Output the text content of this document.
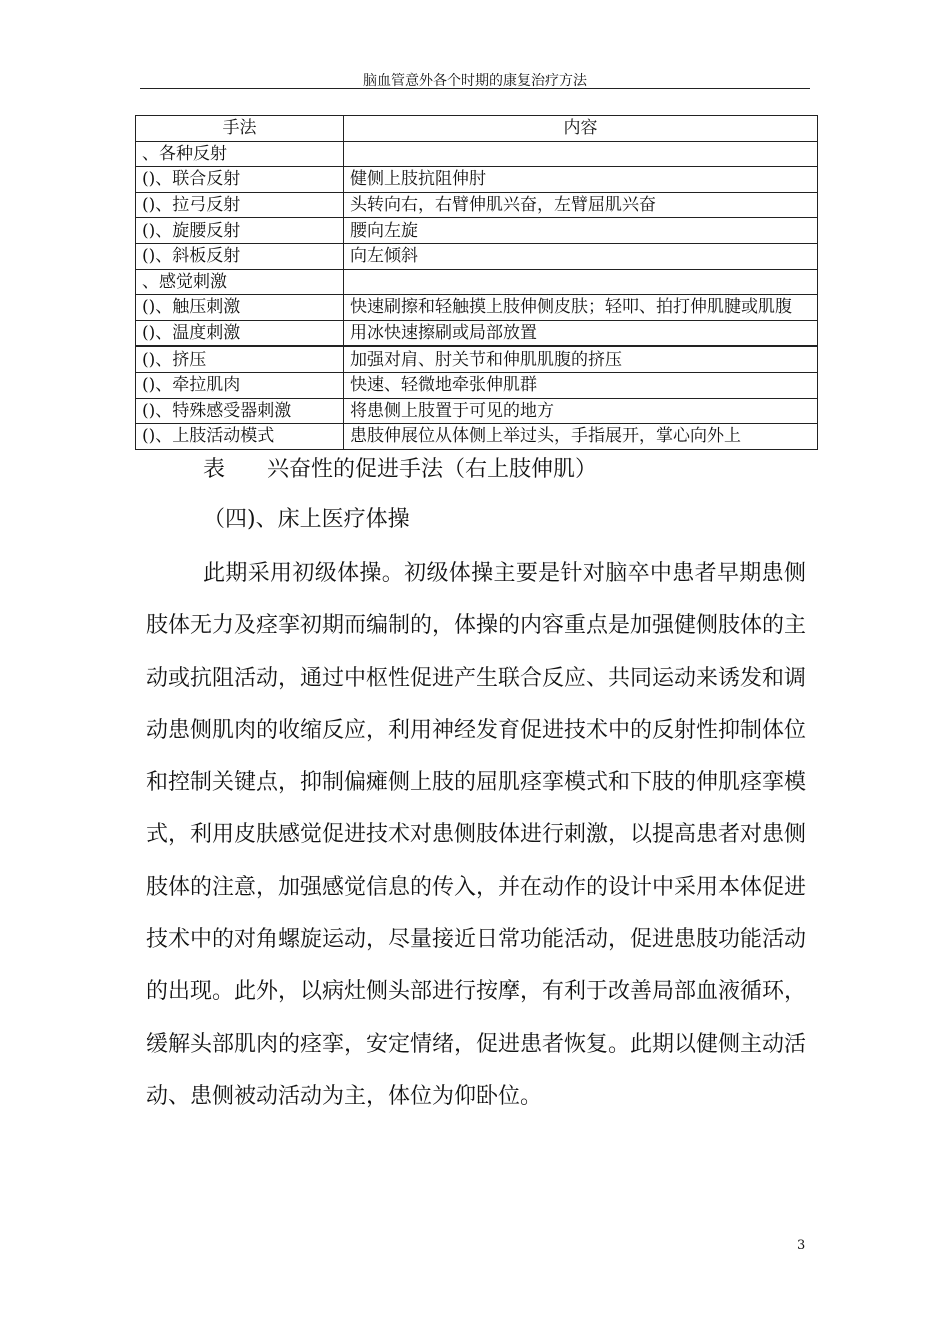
脑血管意外各个时期的康复治疗方法
手法	内容
、各种反射	
()、联合反射	健侧上肢抗阻伸肘
()、拉弓反射	头转向右，右臂伸肌兴奋，左臂屈肌兴奋
()、旋腰反射	腰向左旋
()、斜板反射	向左倾斜
、感觉刺激	
()、触压刺激	快速刷擦和轻触摸上肢伸侧皮肤；轻叩、拍打伸肌腱或肌腹
()、温度刺激	用冰快速擦刷或局部放置
()、挤压	加强对肩、肘关节和伸肌肌腹的挤压
()、牵拉肌肉	快速、轻微地牵张伸肌群
()、特殊感受器刺激	将患侧上肢置于可见的地方
()、上肢活动模式	患肢伸展位从体侧上举过头，手指展开，掌心向外上
表      兴奋性的促进手法（右上肢伸肌）
（四)、床上医疗体操

此期采用初级体操。初级体操主要是针对脑卒中患者早期患侧肢体无力及痉挛初期而编制的，体操的内容重点是加强健侧肢体的主动或抗阻活动，通过中枢性促进产生联合反应、共同运动来诱发和调动患侧肌肉的收缩反应，利用神经发育促进技术中的反射性抑制体位和控制关键点，抑制偏瘫侧上肢的屈肌痉挛模式和下肢的伸肌痉挛模式，利用皮肤感觉促进技术对患侧肢体进行刺激，以提高患者对患侧肢体的注意，加强感觉信息的传入，并在动作的设计中采用本体促进技术中的对角螺旋运动，尽量接近日常功能活动，促进患肢功能活动的出现。此外，以病灶侧头部进行按摩，有利于改善局部血液循环，缓解头部肌肉的痉挛，安定情绪，促进患者恢复。此期以健侧主动活动、患侧被动活动为主，体位为仰卧位。

3
